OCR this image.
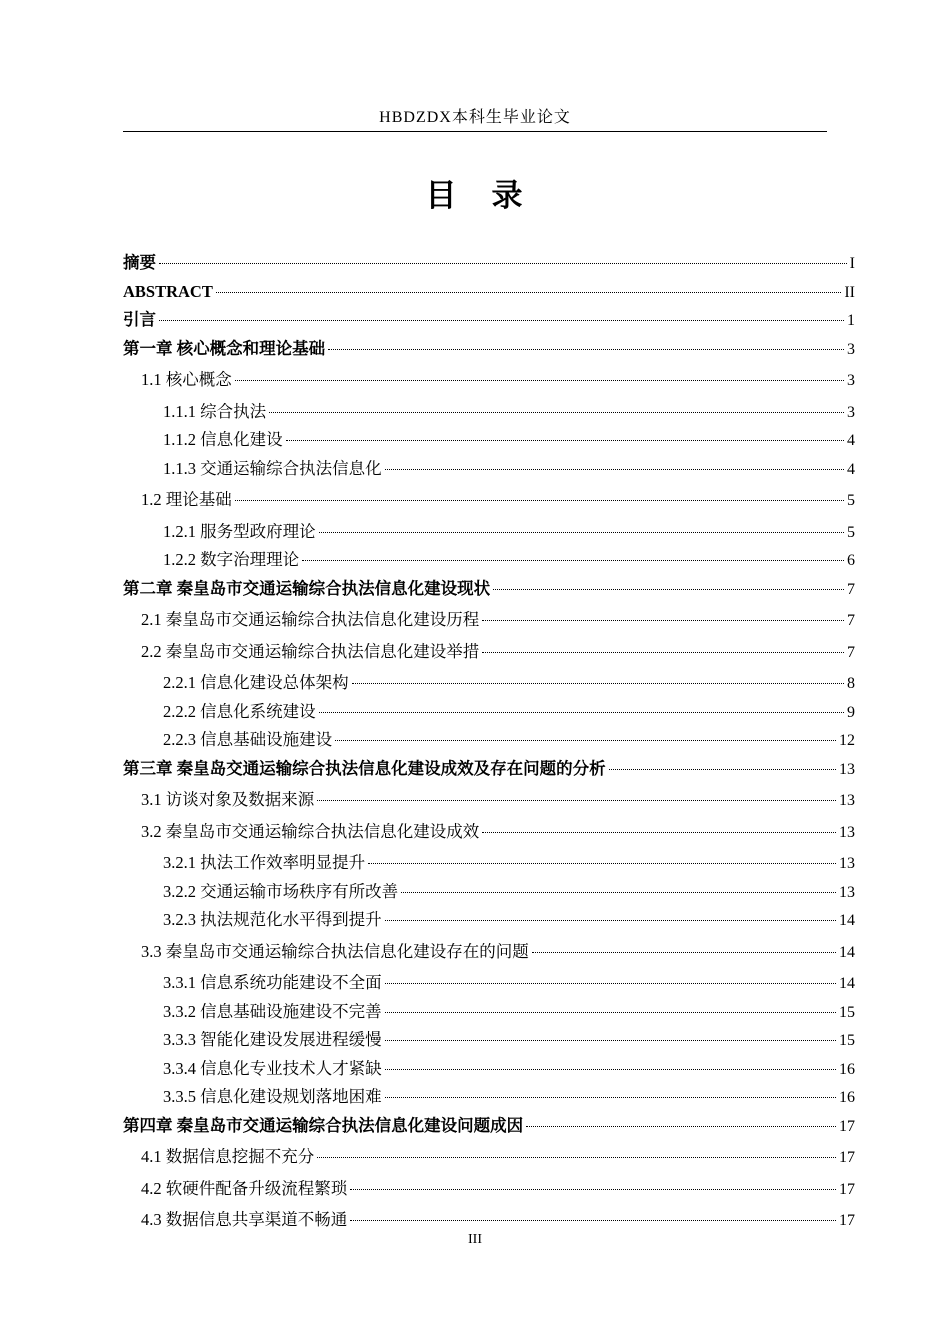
HBDZDX本科生毕业论文
目　录
摘要	I
ABSTRACT	II
引言	1
第一章 核心概念和理论基础	3
1.1 核心概念	3
1.1.1 综合执法	3
1.1.2 信息化建设	4
1.1.3 交通运输综合执法信息化	4
1.2 理论基础	5
1.2.1 服务型政府理论	5
1.2.2 数字治理理论	6
第二章 秦皇岛市交通运输综合执法信息化建设现状	7
2.1 秦皇岛市交通运输综合执法信息化建设历程	7
2.2 秦皇岛市交通运输综合执法信息化建设举措	7
2.2.1 信息化建设总体架构	8
2.2.2 信息化系统建设	9
2.2.3 信息基础设施建设	12
第三章 秦皇岛交通运输综合执法信息化建设成效及存在问题的分析	13
3.1 访谈对象及数据来源	13
3.2 秦皇岛市交通运输综合执法信息化建设成效	13
3.2.1 执法工作效率明显提升	13
3.2.2 交通运输市场秩序有所改善	13
3.2.3 执法规范化水平得到提升	14
3.3 秦皇岛市交通运输综合执法信息化建设存在的问题	14
3.3.1 信息系统功能建设不全面	14
3.3.2 信息基础设施建设不完善	15
3.3.3 智能化建设发展进程缓慢	15
3.3.4 信息化专业技术人才紧缺	16
3.3.5 信息化建设规划落地困难	16
第四章 秦皇岛市交通运输综合执法信息化建设问题成因	17
4.1 数据信息挖掘不充分	17
4.2 软硬件配备升级流程繁琐	17
4.3 数据信息共享渠道不畅通	17
III
